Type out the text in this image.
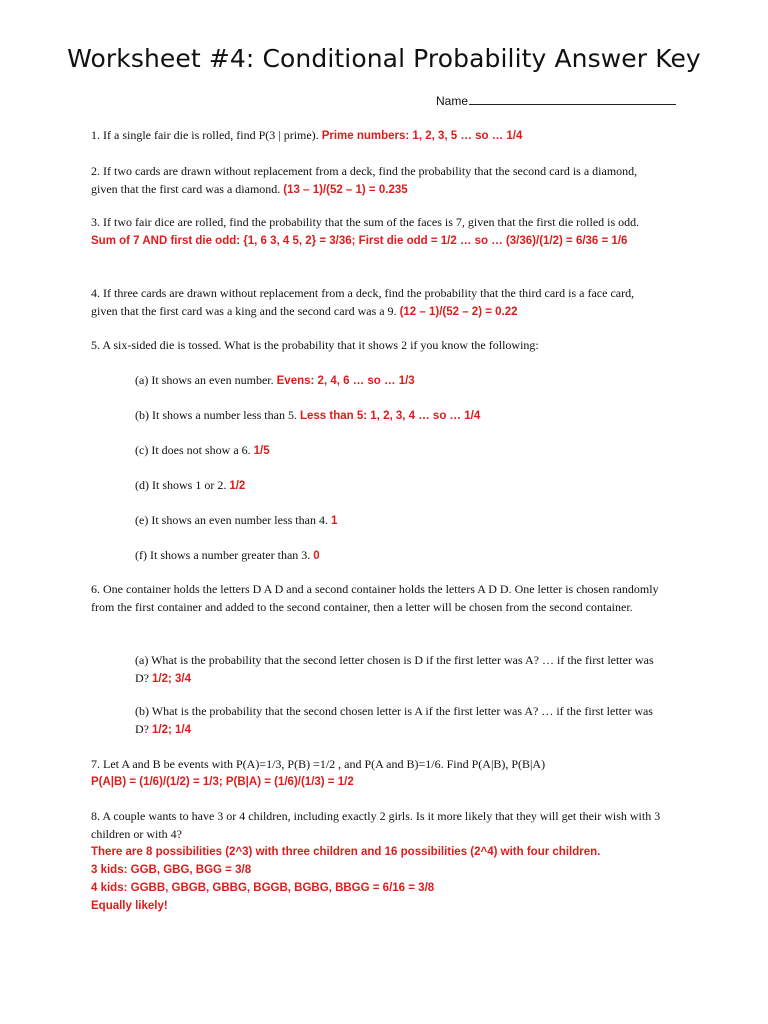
Worksheet #4: Conditional Probability Answer Key
Name
1. If a single fair die is rolled, find P(3 | prime). Prime numbers: 1, 2, 3, 5 … so … 1/4
2. If two cards are drawn without replacement from a deck, find the probability that the second card is a diamond, given that the first card was a diamond. (13 – 1)/(52 – 1) = 0.235
3. If two fair dice are rolled, find the probability that the sum of the faces is 7, given that the first die rolled is odd. Sum of 7 AND first die odd: {1, 6 3, 4 5, 2} = 3/36; First die odd = 1/2 … so … (3/36)/(1/2) = 6/36 = 1/6
4. If three cards are drawn without replacement from a deck, find the probability that the third card is a face card, given that the first card was a king and the second card was a 9. (12 – 1)/(52 – 2) = 0.22
5. A six-sided die is tossed. What is the probability that it shows 2 if you know the following:
(a) It shows an even number. Evens: 2, 4, 6 … so … 1/3
(b) It shows a number less than 5. Less than 5: 1, 2, 3, 4 … so … 1/4
(c) It does not show a 6. 1/5
(d) It shows 1 or 2. 1/2
(e) It shows an even number less than 4. 1
(f) It shows a number greater than 3. 0
6. One container holds the letters D A D and a second container holds the letters A D D. One letter is chosen randomly from the first container and added to the second container, then a letter will be chosen from the second container.
(a) What is the probability that the second letter chosen is D if the first letter was A? … if the first letter was D? 1/2; 3/4
(b) What is the probability that the second chosen letter is A if the first letter was A? … if the first letter was D? 1/2; 1/4
7. Let A and B be events with P(A)=1/3, P(B) =1/2 , and P(A and B)=1/6. Find P(A|B), P(B|A)
P(A|B) = (1/6)/(1/2) = 1/3; P(B|A) = (1/6)/(1/3) = 1/2
8. A couple wants to have 3 or 4 children, including exactly 2 girls. Is it more likely that they will get their wish with 3 children or with 4?
There are 8 possibilities (2^3) with three children and 16 possibilities (2^4) with four children.
3 kids: GGB, GBG, BGG = 3/8
4 kids: GGBB, GBGB, GBBG, BGGB, BGBG, BBGG = 6/16 = 3/8
Equally likely!
